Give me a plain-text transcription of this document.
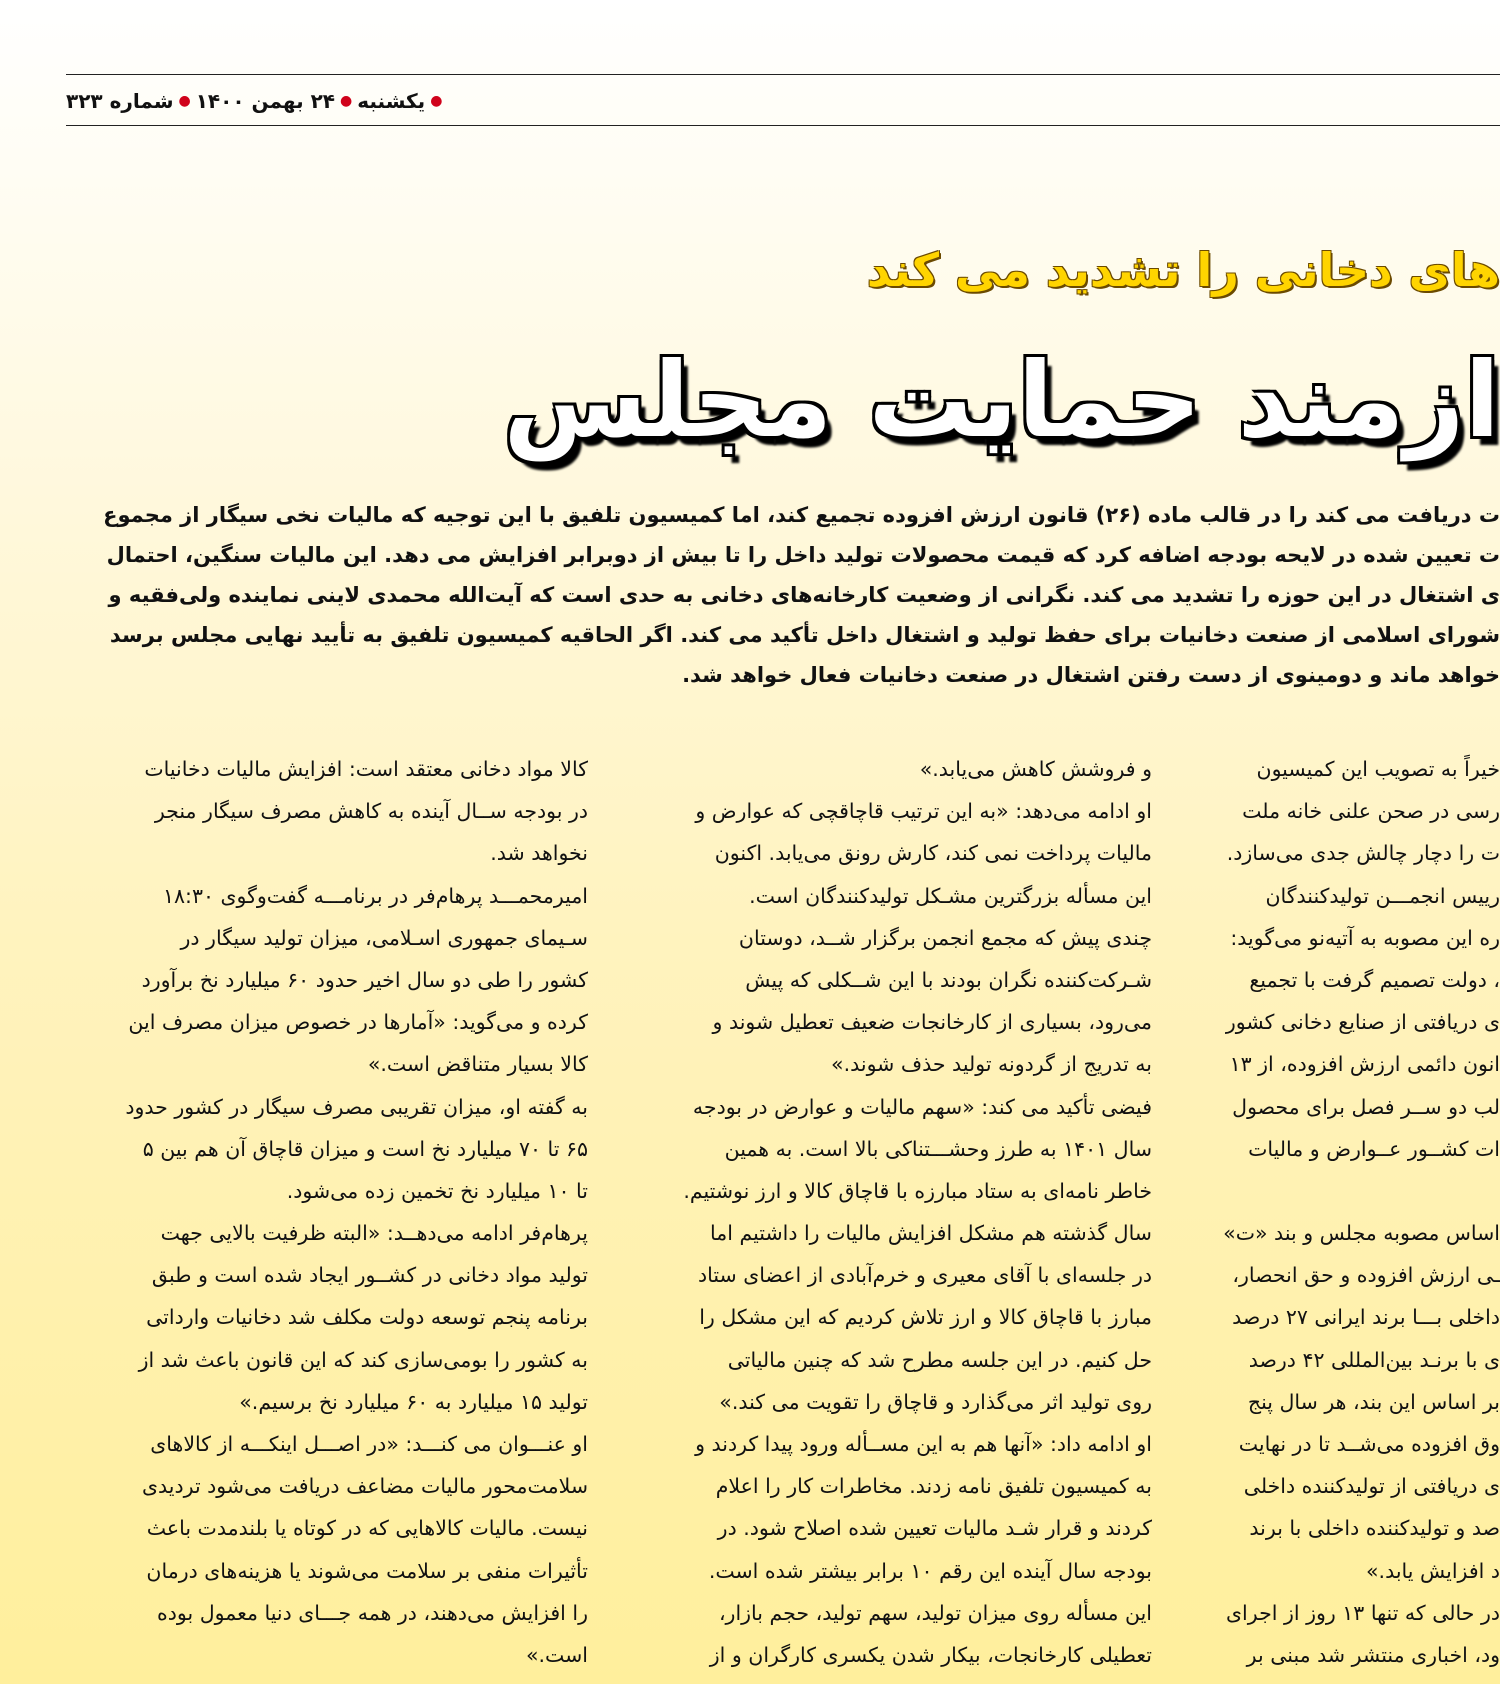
●
یکشنبه
●
۲۴ بهمن ۱۴۰۰
●
شماره ۳۲۳
های دخانی را تشدید می کند
ازمند حمایت مجلس
ت دریافت می کند را در قالب ماده (۲۶) قانون ارزش افزوده تجمیع کند، اما کمیسیون تلفیق با این توجیه که مالیات نخی سیگار از مجموع
ت تعیین شده در لایحه بودجه اضافه کرد که قیمت محصولات تولید داخل را تا بیش از دوبرابر افزایش می دهد. این مالیات سنگین، احتمال
ی اشتغال در این حوزه را تشدید می کند. نگرانی از وضعیت کارخانه‌های دخانی به حدی است که آیت‌الله محمدی لاینی نماینده ولی‌فقیه و
شورای اسلامی از صنعت دخانیات برای حفظ تولید و اشتغال داخل تأکید می کند. اگر الحاقیه کمیسیون تلفیق به تأیید نهایی مجلس برسد
خواهد ماند و دومینوی از دست رفتن اشتغال در صنعت دخانیات فعال خواهد شد.
خیراً به تصویب این کمیسیون
رسی در صحن علنی خانه ملت
ت را دچار چالش جدی می‌سازد.
رییس انجمـــن تولیدکنندگان
ره این مصوبه به آتیه‌نو می‌گوید:
، دولت تصمیم گرفت با تجمیع
ی دریافتی از صنایع دخانی کشور
انون دائمی ارزش افزوده، از ۱۳
لب دو ســر فصل برای محصول
ات کشــور عــوارض و مالیات
اساس مصوبه مجلس و بند «ت»
ـی ارزش افزوده و حق انحصار،
داخلی بـــا برند ایرانی ۲۷ درصد
ی با برنـد بین‌المللی ۴۲ درصد
بر اساس این بند، هر سال پنج
وق افزوده می‌شــد تا در نهایت
ی دریافتی از تولیدکننده داخلی
صد و تولیدکننده داخلی با برند
د افزایش یابد.»
در حالی که تنها ۱۳ روز از اجرای
ود، اخباری منتشر شد مبنی بر
و فروشش کاهش می‌یابد.»
او ادامه می‌دهد: «به این ترتیب قاچاقچی که عوارض و
مالیات پرداخت نمی کند، کارش رونق می‌یابد. اکنون
این مسأله بزرگترین مشـکل تولیدکنندگان است.
چندی پیش که مجمع انجمن برگزار شــد، دوستان
شـرکت‌کننده نگران بودند با این شــکلی که پیش
می‌رود، بسیاری از کارخانجات ضعیف تعطیل شوند و
به تدریج از گردونه تولید حذف شوند.»
فیضی تأکید می کند: «سهم مالیات و عوارض در بودجه
سال ۱۴۰۱ به طرز وحشـــتناکی بالا است. به همین
خاطر نامه‌ای به ستاد مبارزه با قاچاق کالا و ارز نوشتیم.
سال گذشته هم مشکل افزایش مالیات را داشتیم اما
در جلسه‌ای با آقای معیری و خرم‌آبادی از اعضای ستاد
مبارز با قاچاق کالا و ارز تلاش کردیم که این مشکل را
حل کنیم. در این جلسه مطرح شد که چنین مالیاتی
روی تولید اثر می‌گذارد و قاچاق را تقویت می کند.»
او ادامه داد: «آنها هم به این مســأله ورود پیدا کردند و
به کمیسیون تلفیق نامه زدند. مخاطرات کار را اعلام
کردند و قرار شـد مالیات تعیین شده اصلاح شود. در
بودجه سال آینده این رقم ۱۰ برابر بیشتر شده است.
این مسأله روی میزان تولید، سهم تولید، حجم بازار،
تعطیلی کارخانجات، بیکار شدن یکسری کارگران و از
کالا مواد دخانی معتقد است: افزایش مالیات دخانیات
در بودجه ســال آینده به کاهش مصرف سیگار منجر
نخواهد شد.
امیرمحمـــد پرهام‌فر در برنامـــه گفت‌وگوی ۱۸:۳۰
سـیمای جمهوری اسـلامی، میزان تولید سیگار در
کشور را طی دو سال اخیر حدود ۶۰ میلیارد نخ برآورد
کرده و می‌گوید: «آمارها در خصوص میزان مصرف این
کالا بسیار متناقض است.»
به گفته او، میزان تقریبی مصرف سیگار در کشور حدود
۶۵ تا ۷۰ میلیارد نخ است و میزان قاچاق آن هم بین ۵
تا ۱۰ میلیارد نخ تخمین زده می‌شود.
پرهام‌فر ادامه می‌دهــد: «البته ظرفیت بالایی جهت
تولید مواد دخانی در کشــور ایجاد شده است و طبق
برنامه پنجم توسعه دولت مکلف شد دخانیات وارداتی
به کشور را بومی‌سازی کند که این قانون باعث شد از
تولید ۱۵ میلیارد به ۶۰ میلیارد نخ برسیم.»
او عنـــوان می کنـــد: «در اصـــل اینکـــه از کالاهای
سلامت‌محور مالیات مضاعف دریافت می‌شود تردیدی
نیست. مالیات کالاهایی که در کوتاه یا بلندمدت باعث
تأثیرات منفی بر سلامت می‌شوند یا هزینه‌های درمان
را افزایش می‌دهند، در همه جـــای دنیا معمول بوده
است.»
